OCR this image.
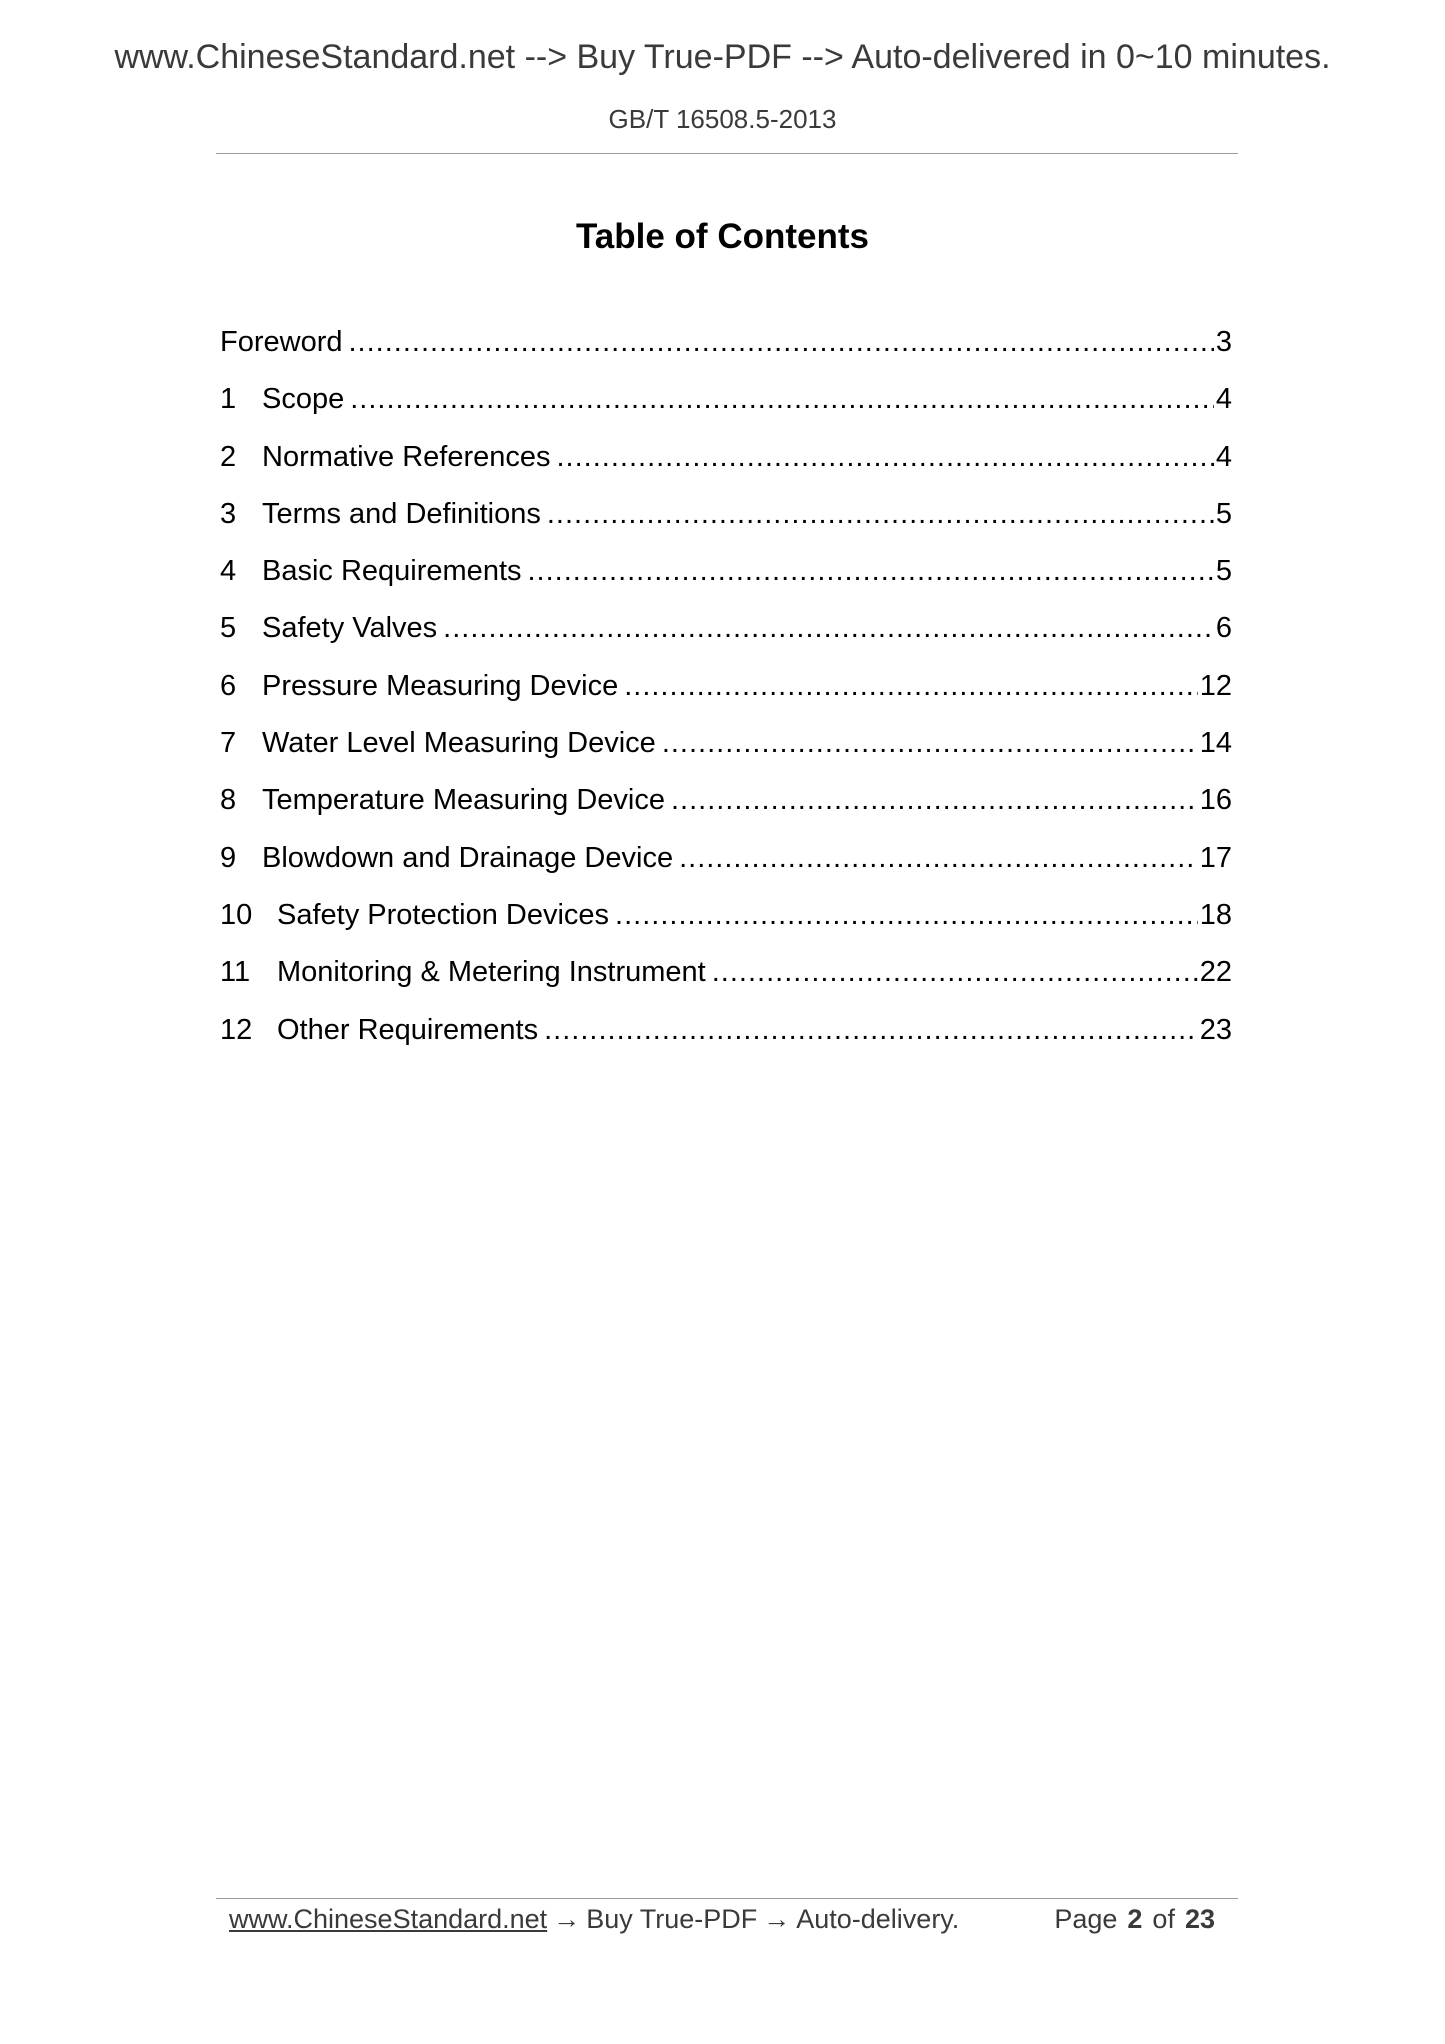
www.ChineseStandard.net --> Buy True-PDF --> Auto-delivered in 0~10 minutes.
GB/T 16508.5-2013
Table of Contents
Foreword .....	3
1 Scope .....	4
2 Normative References .....	4
3 Terms and Definitions .....	5
4 Basic Requirements .....	5
5 Safety Valves .....	6
6 Pressure Measuring Device .....	12
7 Water Level Measuring Device .....	14
8 Temperature Measuring Device .....	16
9 Blowdown and Drainage Device .....	17
10 Safety Protection Devices .....	18
11 Monitoring & Metering Instrument .....	22
12 Other Requirements .....	23
www.ChineseStandard.net → Buy True-PDF → Auto-delivery.	Page 2 of 23
